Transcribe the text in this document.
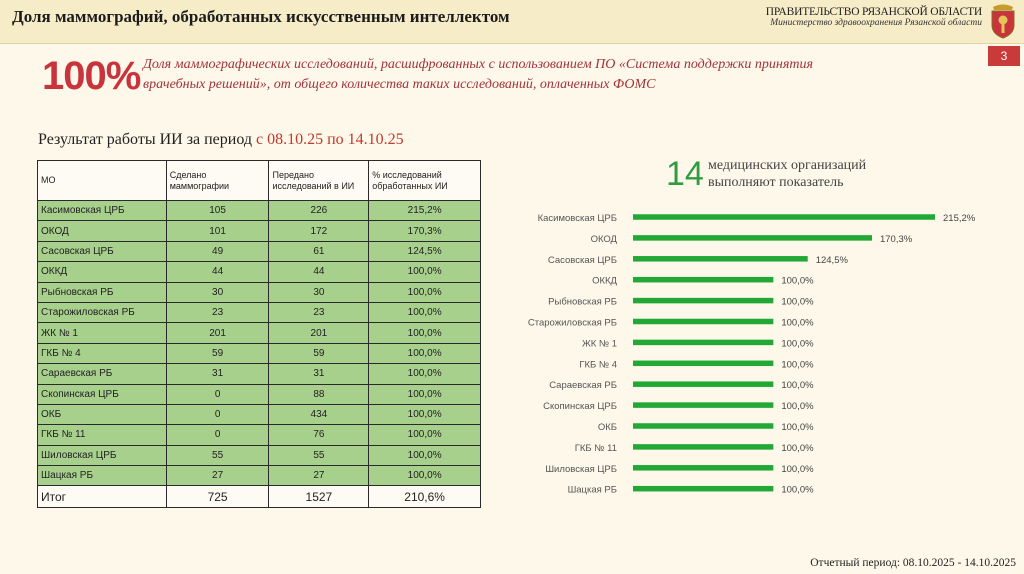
Доля маммографий, обработанных искусственным интеллектом	ПРАВИТЕЛЬСТВО РЯЗАНСКОЙ ОБЛАСТИ
Министерство здравоохранения Рязанской области
3
100% Доля маммографических исследований, расшифрованных с использованием ПО «Система поддержки принятия врачебных решений», от общего количества таких исследований, оплаченных ФОМС
Результат работы ИИ за период с 08.10.25 по 14.10.25
МО	Сделано маммографии	Передано исследований в ИИ	% исследований обработанных ИИ
Касимовская ЦРБ	105	226	215,2%
ОКОД	101	172	170,3%
Сасовская ЦРБ	49	61	124,5%
ОККД	44	44	100,0%
Рыбновская РБ	30	30	100,0%
Старожиловская РБ	23	23	100,0%
ЖК № 1	201	201	100,0%
ГКБ № 4	59	59	100,0%
Сараевская РБ	31	31	100,0%
Скопинская ЦРБ	0	88	100,0%
ОКБ	0	434	100,0%
ГКБ № 11	0	76	100,0%
Шиловская ЦРБ	55	55	100,0%
Шацкая РБ	27	27	100,0%
Итог	725	1527	210,6%
14 медицинских организаций
выполняют показатель
Касимовская ЦРБ	215,2%
ОКОД	170,3%
Сасовская ЦРБ	124,5%
ОККД	100,0%
Рыбновская РБ	100,0%
Старожиловская РБ	100,0%
ЖК № 1	100,0%
ГКБ № 4	100,0%
Сараевская РБ	100,0%
Скопинская ЦРБ	100,0%
ОКБ	100,0%
ГКБ № 11	100,0%
Шиловская ЦРБ	100,0%
Шацкая РБ	100,0%
Отчетный период: 08.10.2025 - 14.10.2025
